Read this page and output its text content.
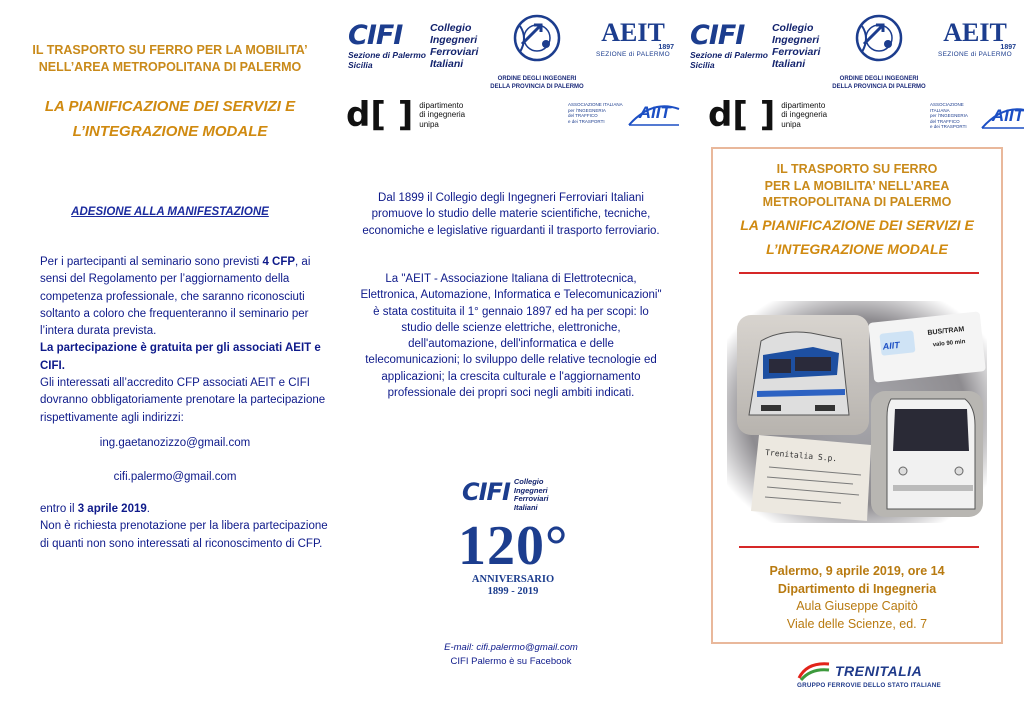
IL TRASPORTO SU FERRO PER LA MOBILITA’
NELL’AREA METROPOLITANA DI PALERMO
LA PIANIFICAZIONE DEI SERVIZI E
L’INTEGRAZIONE MODALE
ADESIONE ALLA MANIFESTAZIONE
Per i partecipanti al seminario sono previsti 4 CFP, ai sensi del Regolamento per l’aggiornamento della competenza professionale, che saranno riconosciuti soltanto a coloro che frequenteranno il seminario per l’intera durata prevista.
La partecipazione è gratuita per gli associati AEIT e CIFI.
Gli interessati all’accredito CFP associati AEIT e CIFI dovranno obbligatoriamente prenotare la partecipazione rispettivamente agli indirizzi:
ing.gaetanozizzo@gmail.com
cifi.palermo@gmail.com
entro il 3 aprile 2019.
Non è richiesta prenotazione per la libera partecipazione di quanti non sono interessati al riconoscimento di CFP.
CIFI
Sezione di Palermo
Sicilia
Collegio
Ingegneri
Ferroviari
Italiani
ORDINE DEGLI INGEGNERI
DELLA PROVINCIA DI PALERMO
AEIT
1897
SEZIONE di PALERMO
d[ ] dipartimento
di ingegneria
unipa
ASSOCIAZIONE ITALIANA
per l'INGEGNERIA
del TRAFFICO
e dei TRASPORTI	AIIT
Dal 1899 il Collegio degli Ingegneri Ferroviari Italiani promuove lo studio delle materie scientifiche, tecniche, economiche e legislative riguardanti il trasporto ferroviario.
La "AEIT - Associazione Italiana di Elettrotecnica, Elettronica, Automazione, Informatica e Telecomunicazioni" è stata costituita il 1° gennaio 1897 ed ha per scopi: lo studio delle scienze elettriche, elettroniche, dell'automazione, dell'informatica e delle telecomunicazioni; lo sviluppo delle relative tecnologie ed applicazioni; la crescita culturale e l'aggiornamento professionale dei propri soci negli ambiti indicati.
CIFI Collegio
Ingegneri
Ferroviari
Italiani
120°
ANNIVERSARIO
1899 - 2019
E-mail: cifi.palermo@gmail.com
CIFI Palermo è su Facebook
CIFI
Sezione di Palermo
Sicilia
Collegio
Ingegneri
Ferroviari
Italiani
ORDINE DEGLI INGEGNERI
DELLA PROVINCIA DI PALERMO
AEIT
1897
SEZIONE di PALERMO
d[ ] dipartimento
di ingegneria
unipa
ASSOCIAZIONE ITALIANA
per l'INGEGNERIA
del TRAFFICO
e dei TRASPORTI
AIIT
IL TRASPORTO SU FERRO
PER LA MOBILITA’ NELL’AREA
METROPOLITANA DI PALERMO
LA PIANIFICAZIONE DEI SERVIZI E
L’INTEGRAZIONE MODALE
AIIT
BUS/TRAM
valo 90 min
Trenitalia S.p.
Palermo, 9 aprile 2019, ore 14
Dipartimento di Ingegneria
Aula Giuseppe Capitò
Viale delle Scienze, ed. 7
TRENITALIA
GRUPPO FERROVIE DELLO STATO ITALIANE
